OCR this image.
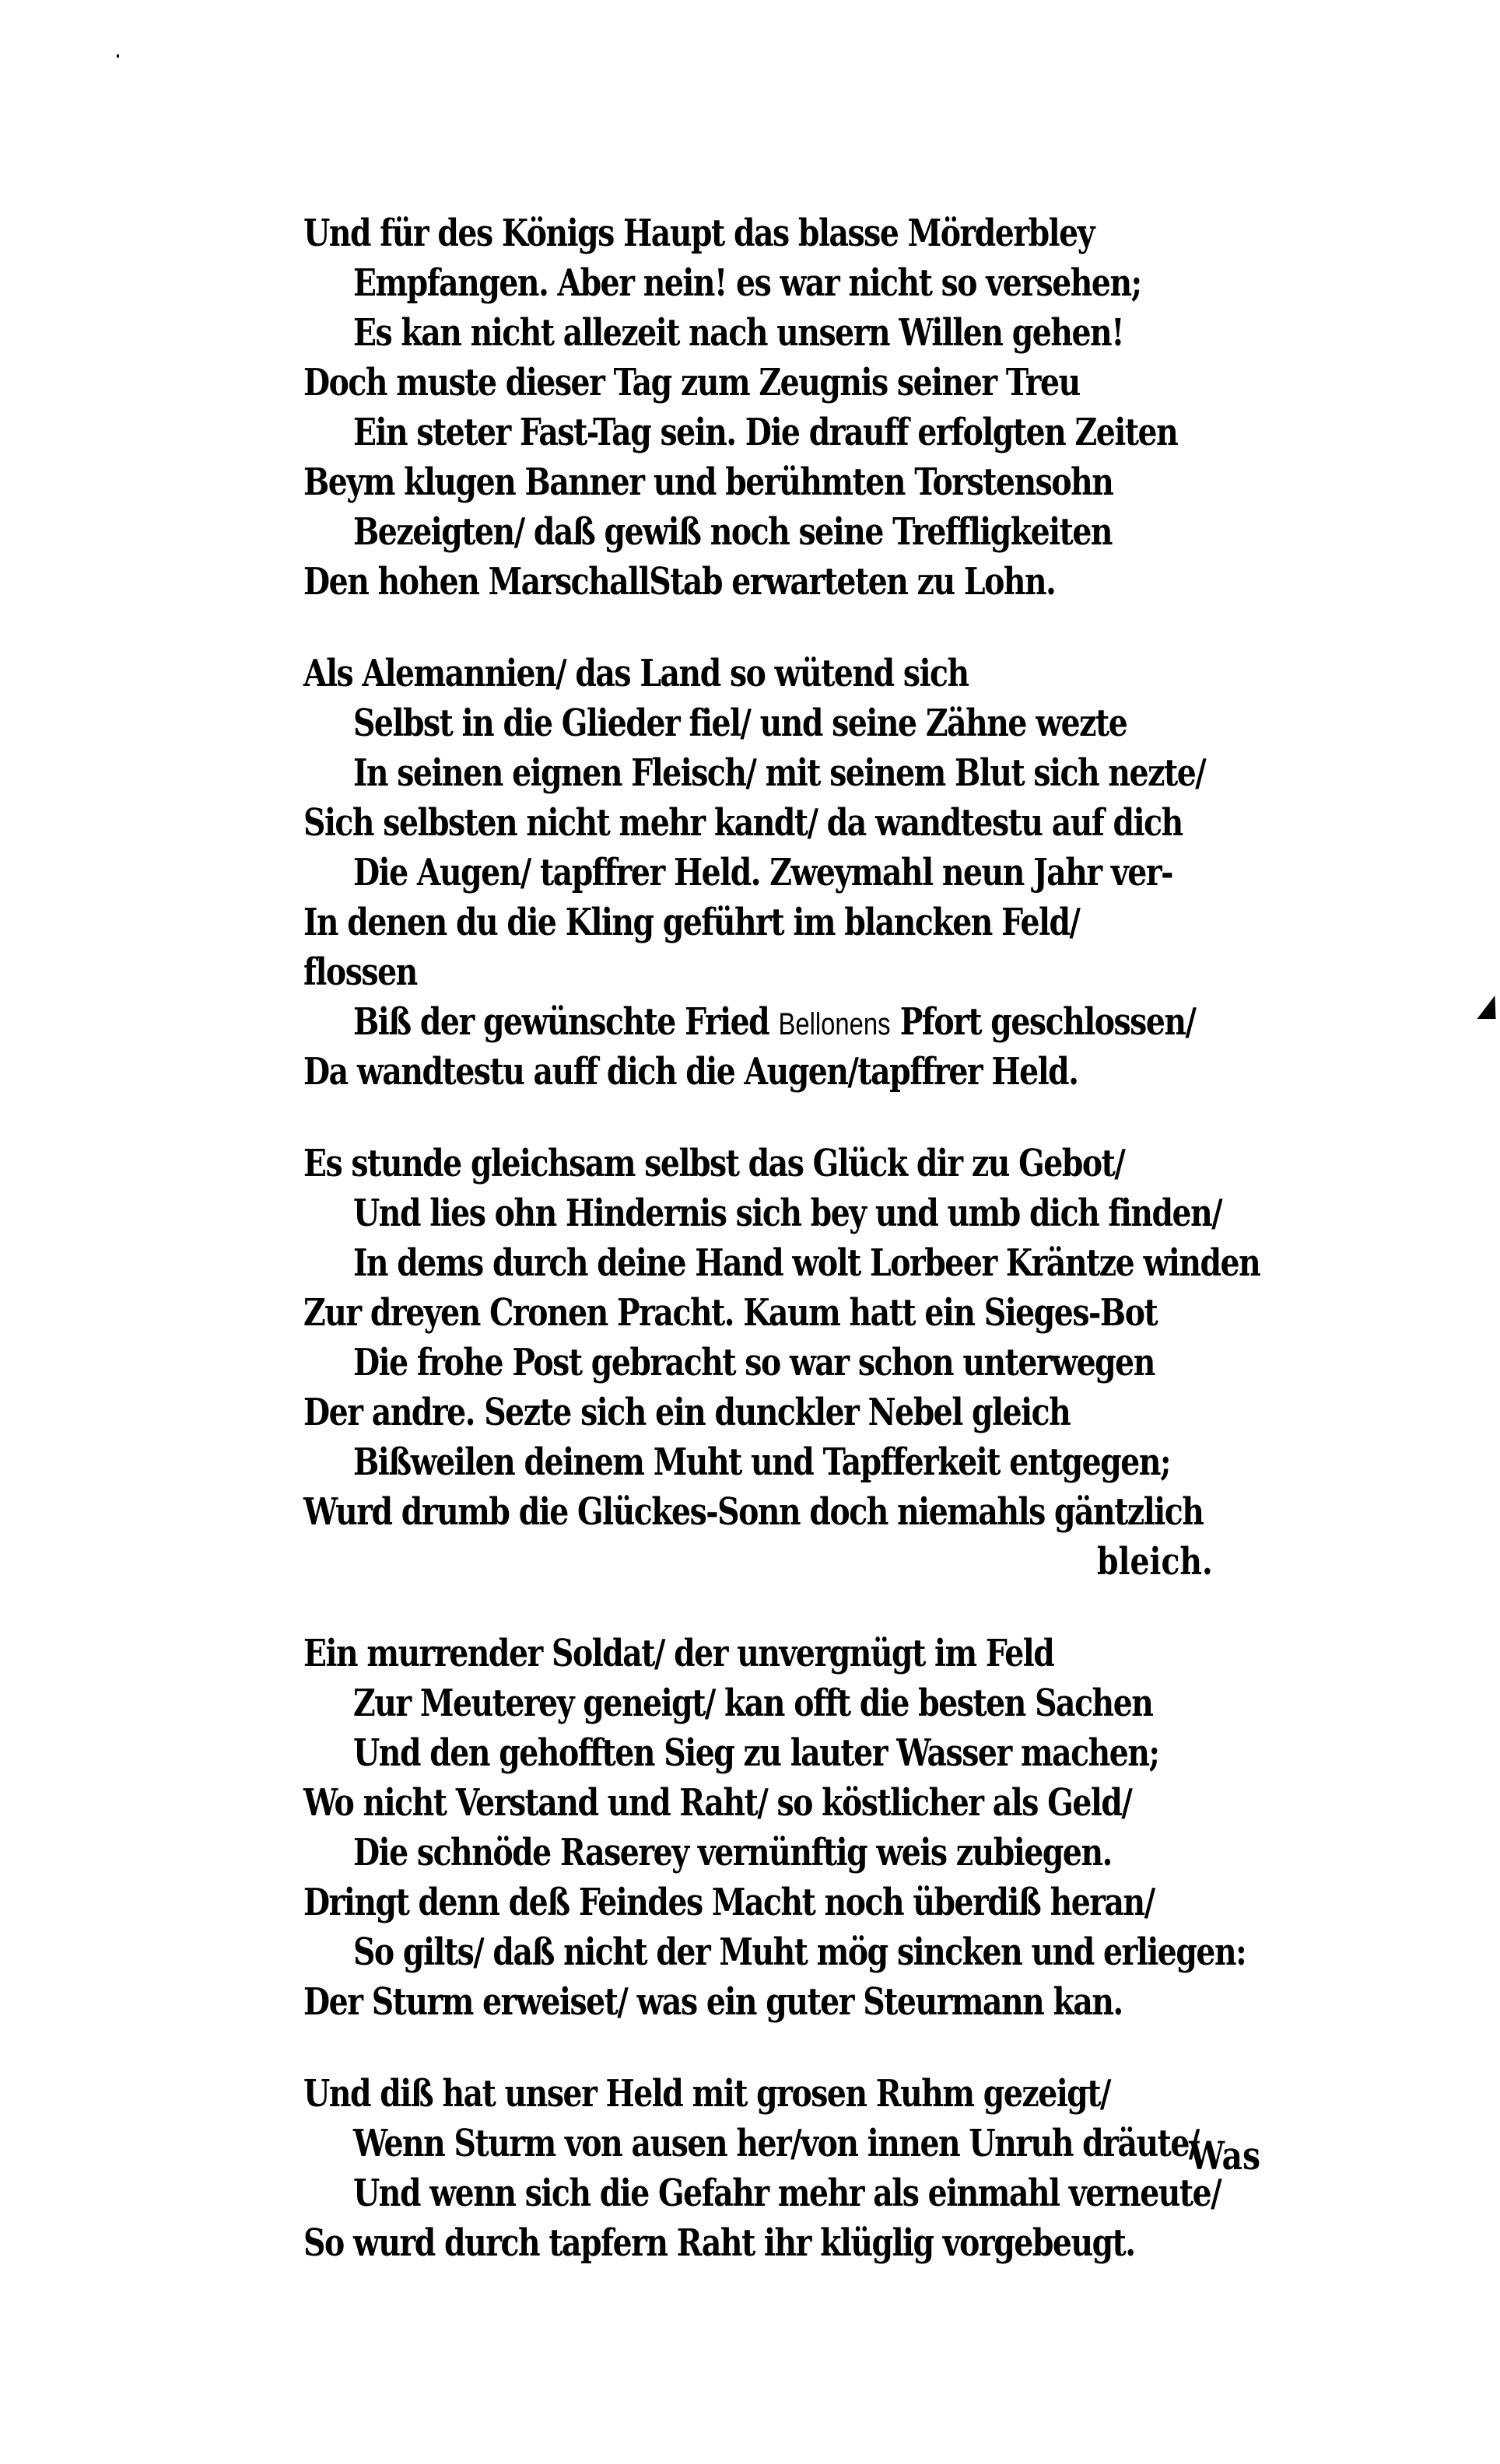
Und für des Königs Haupt das blasse Mörderbley
Empfangen. Aber nein! es war nicht so versehen;
Es kan nicht allezeit nach unsern Willen gehen!
Doch muste dieser Tag zum Zeugnis seiner Treu
Ein steter Fast-Tag sein. Die drauff erfolgten Zeiten
Beym klugen Banner und berühmten Torstensohn
Bezeigten/ daß gewiß noch seine Treffligkeiten
Den hohen MarschallStab erwarteten zu Lohn.
Als Alemannien/ das Land so wütend sich
Selbst in die Glieder fiel/ und seine Zähne wezte
In seinen eignen Fleisch/ mit seinem Blut sich nezte/
Sich selbsten nicht mehr kandt/ da wandtestu auf dich
Die Augen/ tapffrer Held. Zweymahl neun Jahr ver-
In denen du die Kling geführt im blancken Feld/
flossen
Biß der gewünschte Fried Bellonens Pfort geschlossen/
Da wandtestu auff dich die Augen/tapffrer Held.
Es stunde gleichsam selbst das Glück dir zu Gebot/
Und lies ohn Hindernis sich bey und umb dich finden/
In dems durch deine Hand wolt Lorbeer Kräntze winden
Zur dreyen Cronen Pracht. Kaum hatt ein Sieges-Bot
Die frohe Post gebracht so war schon unterwegen
Der andre. Sezte sich ein dunckler Nebel gleich
Bißweilen deinem Muht und Tapfferkeit entgegen;
Wurd drumb die Glückes-Sonn doch niemahls gäntzlich
bleich.
Ein murrender Soldat/ der unvergnügt im Feld
Zur Meuterey geneigt/ kan offt die besten Sachen
Und den gehofften Sieg zu lauter Wasser machen;
Wo nicht Verstand und Raht/ so köstlicher als Geld/
Die schnöde Raserey vernünftig weis zubiegen.
Dringt denn deß Feindes Macht noch überdiß heran/
So gilts/ daß nicht der Muht mög sincken und erliegen:
Der Sturm erweiset/ was ein guter Steurmann kan.
Und diß hat unser Held mit grosen Ruhm gezeigt/
Wenn Sturm von ausen her/von innen Unruh dräute/
Und wenn sich die Gefahr mehr als einmahl verneute/
So wurd durch tapfern Raht ihr klüglig vorgebeugt.
Was
